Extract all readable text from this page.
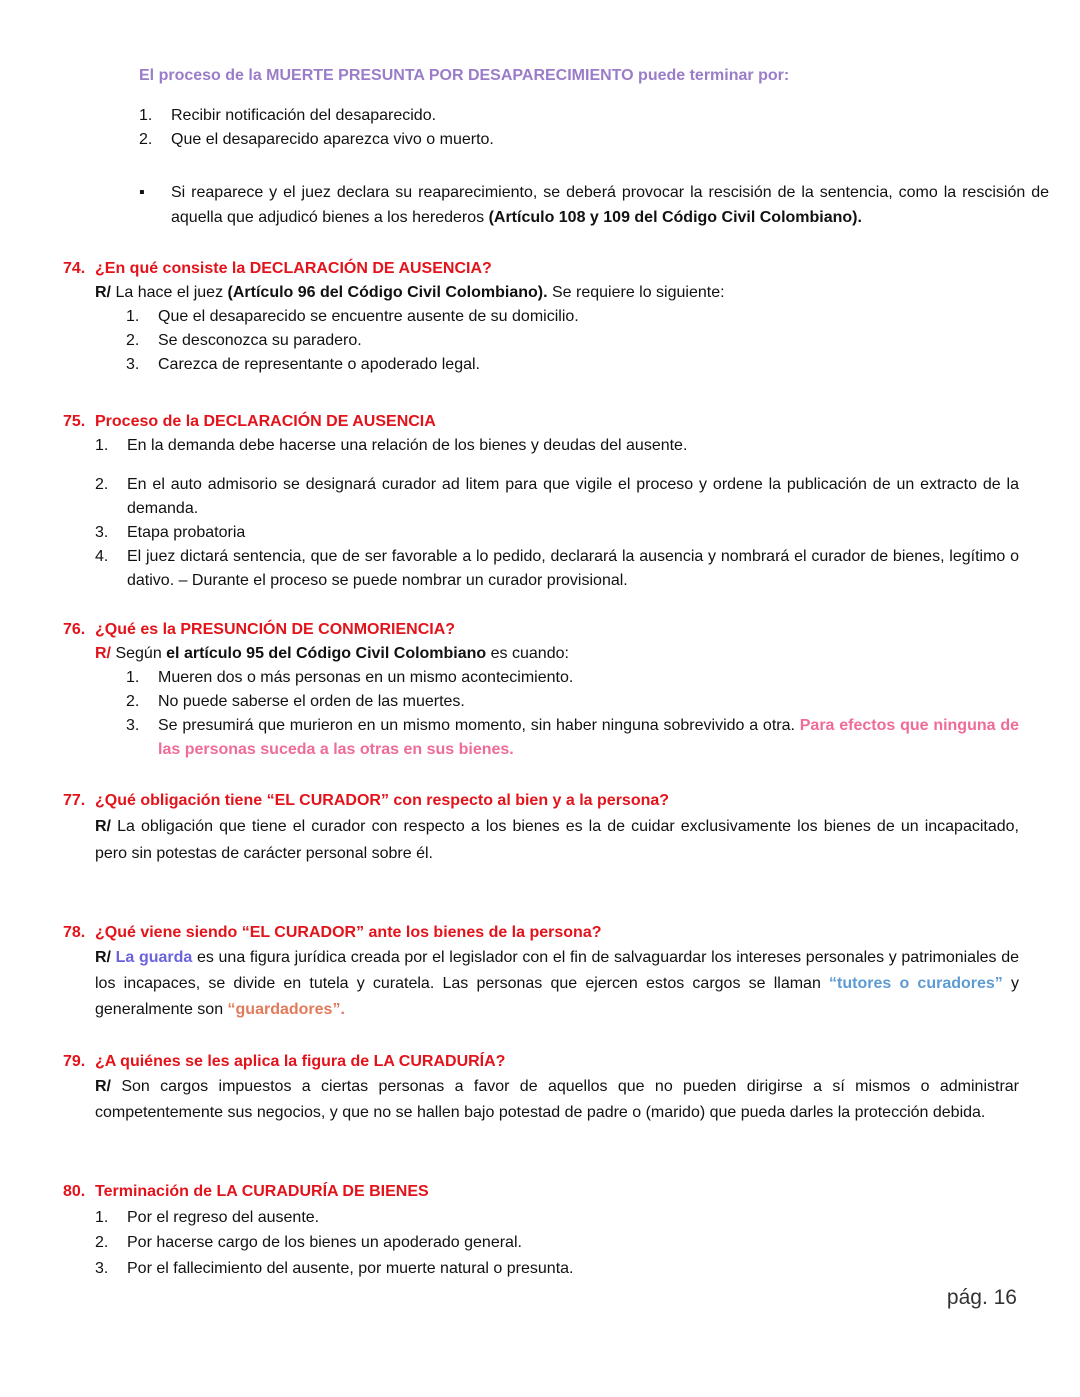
El proceso de la MUERTE PRESUNTA POR DESAPARECIMIENTO puede terminar por:
1. Recibir notificación del desaparecido.
2. Que el desaparecido aparezca vivo o muerto.
▪ Si reaparece y el juez declara su reaparecimiento, se deberá provocar la rescisión de la sentencia, como la rescisión de aquella que adjudicó bienes a los herederos (Artículo 108 y 109 del Código Civil Colombiano).
74. ¿En qué consiste la DECLARACIÓN DE AUSENCIA?
R/ La hace el juez (Artículo 96 del Código Civil Colombiano). Se requiere lo siguiente:
1. Que el desaparecido se encuentre ausente de su domicilio.
2. Se desconozca su paradero.
3. Carezca de representante o apoderado legal.
75. Proceso de la DECLARACIÓN DE AUSENCIA
1. En la demanda debe hacerse una relación de los bienes y deudas del ausente.
2. En el auto admisorio se designará curador ad litem para que vigile el proceso y ordene la publicación de un extracto de la demanda.
3. Etapa probatoria
4. El juez dictará sentencia, que de ser favorable a lo pedido, declarará la ausencia y nombrará el curador de bienes, legítimo o dativo. – Durante el proceso se puede nombrar un curador provisional.
76. ¿Qué es la PRESUNCIÓN DE CONMORIENCIA?
R/ Según el artículo 95 del Código Civil Colombiano es cuando:
1. Mueren dos o más personas en un mismo acontecimiento.
2. No puede saberse el orden de las muertes.
3. Se presumirá que murieron en un mismo momento, sin haber ninguna sobrevivido a otra. Para efectos que ninguna de las personas suceda a las otras en sus bienes.
77. ¿Qué obligación tiene “EL CURADOR” con respecto al bien y a la persona?
R/ La obligación que tiene el curador con respecto a los bienes es la de cuidar exclusivamente los bienes de un incapacitado, pero sin potestas de carácter personal sobre él.
78. ¿Qué viene siendo “EL CURADOR” ante los bienes de la persona?
R/ La guarda es una figura jurídica creada por el legislador con el fin de salvaguardar los intereses personales y patrimoniales de los incapaces, se divide en tutela y curatela. Las personas que ejercen estos cargos se llaman “tutores o curadores” y generalmente son “guardadores”.
79. ¿A quiénes se les aplica la figura de LA CURADURÍA?
R/ Son cargos impuestos a ciertas personas a favor de aquellos que no pueden dirigirse a sí mismos o administrar competentemente sus negocios, y que no se hallen bajo potestad de padre o (marido) que pueda darles la protección debida.
80. Terminación de LA CURADURÍA DE BIENES
1. Por el regreso del ausente.
2. Por hacerse cargo de los bienes un apoderado general.
3. Por el fallecimiento del ausente, por muerte natural o presunta.
pág. 16
